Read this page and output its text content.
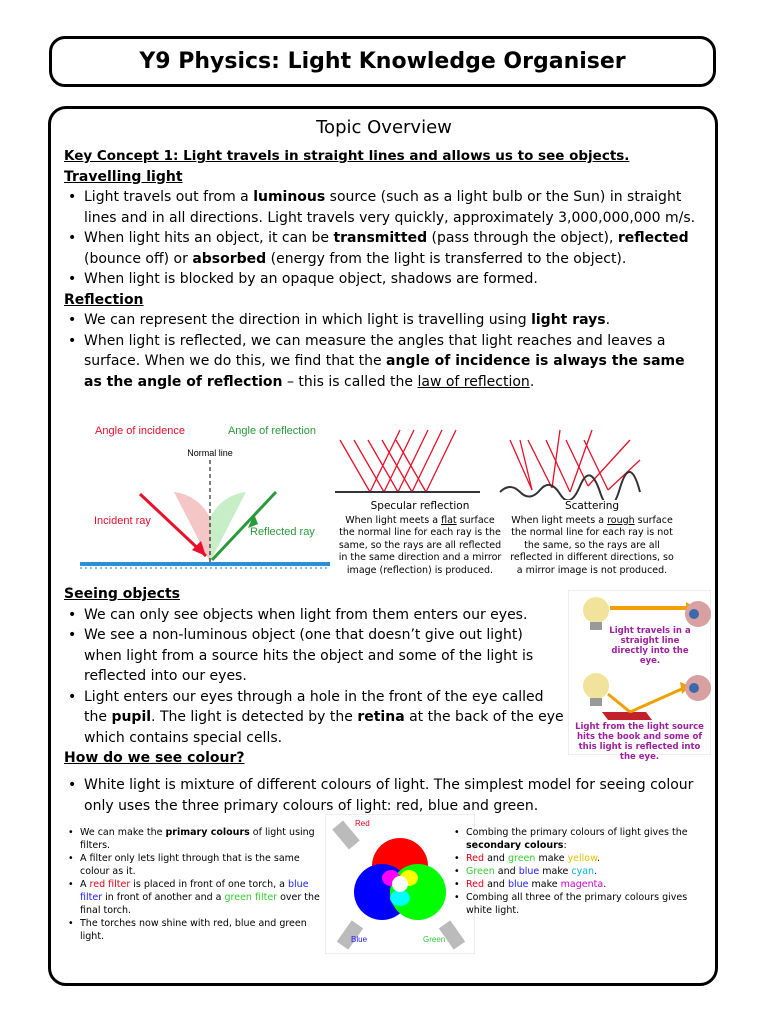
Y9 Physics: Light Knowledge Organiser
Topic Overview
Key Concept 1: Light travels in straight lines and allows us to see objects.
Travelling light
• Light travels out from a luminous source (such as a light bulb or the Sun) in straight lines and in all directions. Light travels very quickly, approximately 3,000,000,000 m/s.
• When light hits an object, it can be transmitted (pass through the object), reflected (bounce off) or absorbed (energy from the light is transferred to the object).
• When light is blocked by an opaque object, shadows are formed.
Reflection
• We can represent the direction in which light is travelling using light rays.
• When light is reflected, we can measure the angles that light reaches and leaves a surface. When we do this, we find that the angle of incidence is always the same as the angle of reflection – this is called the law of reflection.
Angle of incidence	Angle of reflection
Normal line
Incident ray
Reflected ray
Specular reflection
When light meets a flat surface the normal line for each ray is the same, so the rays are all reflected in the same direction and a mirror image (reflection) is produced.
Scattering
When light meets a rough surface the normal line for each ray is not the same, so the rays are all reflected in different directions, so a mirror image is not produced.
Seeing objects
• We can only see objects when light from them enters our eyes.
• We see a non-luminous object (one that doesn’t give out light) when light from a source hits the object and some of the light is reflected into our eyes.
• Light enters our eyes through a hole in the front of the eye called the pupil. The light is detected by the retina at the back of the eye which contains special cells.
How do we see colour?
• White light is mixture of different colours of light. The simplest model for seeing colour only uses the three primary colours of light: red, blue and green.
Light travels in a straight line directly into the eye.
Light from the light source hits the book and some of this light is reflected into the eye.
• We can make the primary colours of light using filters.
• A filter only lets light through that is the same colour as it.
• A red filter is placed in front of one torch, a blue filter in front of another and a green filter over the final torch.
• The torches now shine with red, blue and green light.
Red
Blue	Green
• Combing the primary colours of light gives the secondary colours:
• Red and green make yellow.
• Green and blue make cyan.
• Red and blue make magenta.
• Combing all three of the primary colours gives white light.
